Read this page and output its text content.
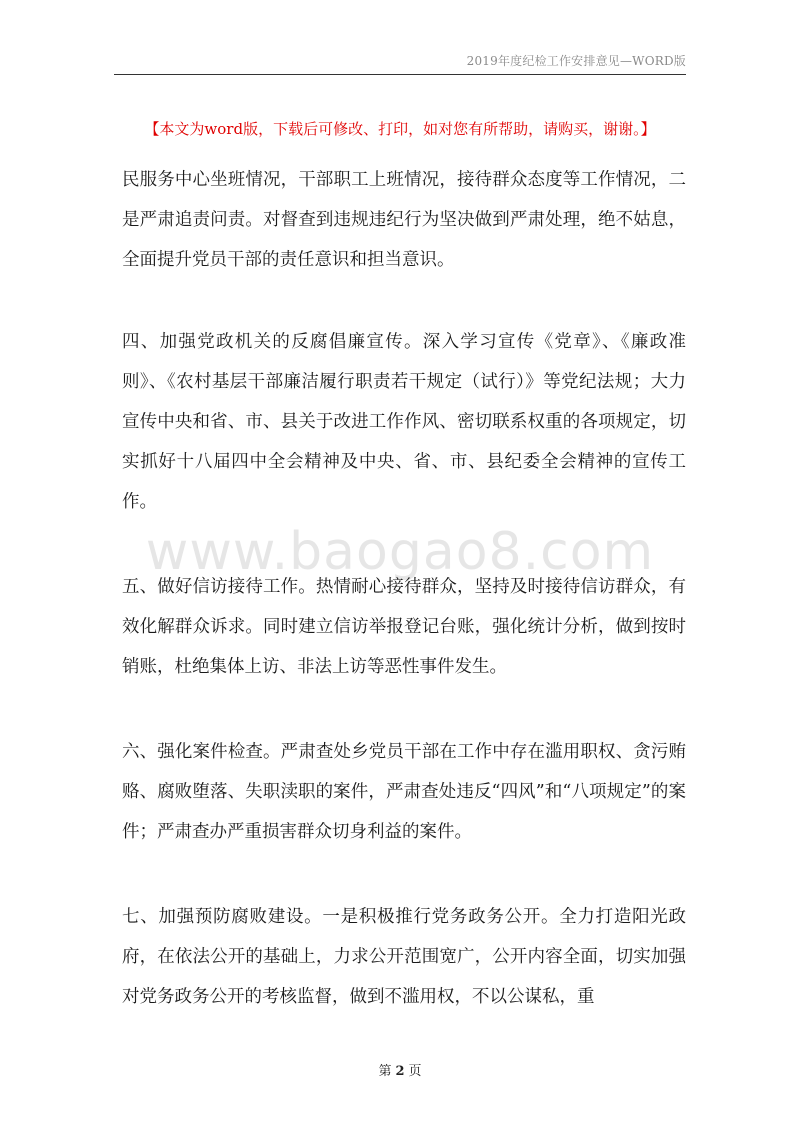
2019年度纪检工作安排意见—WORD版
【本文为word版，下载后可修改、打印，如对您有所帮助，请购买，谢谢。】
www.baogao8.com

民服务中心坐班情况，干部职工上班情况，接待群众态度等工作情况，二是严肃追责问责。对督查到违规违纪行为坚决做到严肃处理，绝不姑息，全面提升党员干部的责任意识和担当意识。

四、加强党政机关的反腐倡廉宣传。深入学习宣传《党章》、《廉政准则》、《农村基层干部廉洁履行职责若干规定（试行）》等党纪法规；大力宣传中央和省、市、县关于改进工作作风、密切联系权重的各项规定，切实抓好十八届四中全会精神及中央、省、市、县纪委全会精神的宣传工作。

五、做好信访接待工作。热情耐心接待群众，坚持及时接待信访群众，有效化解群众诉求。同时建立信访举报登记台账，强化统计分析，做到按时销账，杜绝集体上访、非法上访等恶性事件发生。

六、强化案件检查。严肃查处乡党员干部在工作中存在滥用职权、贪污贿赂、腐败堕落、失职渎职的案件，严肃查处违反“四风”和“八项规定”的案件；严肃查办严重损害群众切身利益的案件。

七、加强预防腐败建设。一是积极推行党务政务公开。全力打造阳光政府，在依法公开的基础上，力求公开范围宽广，公开内容全面，切实加强对党务政务公开的考核监督，做到不滥用权，不以公谋私，重

第 2 页
